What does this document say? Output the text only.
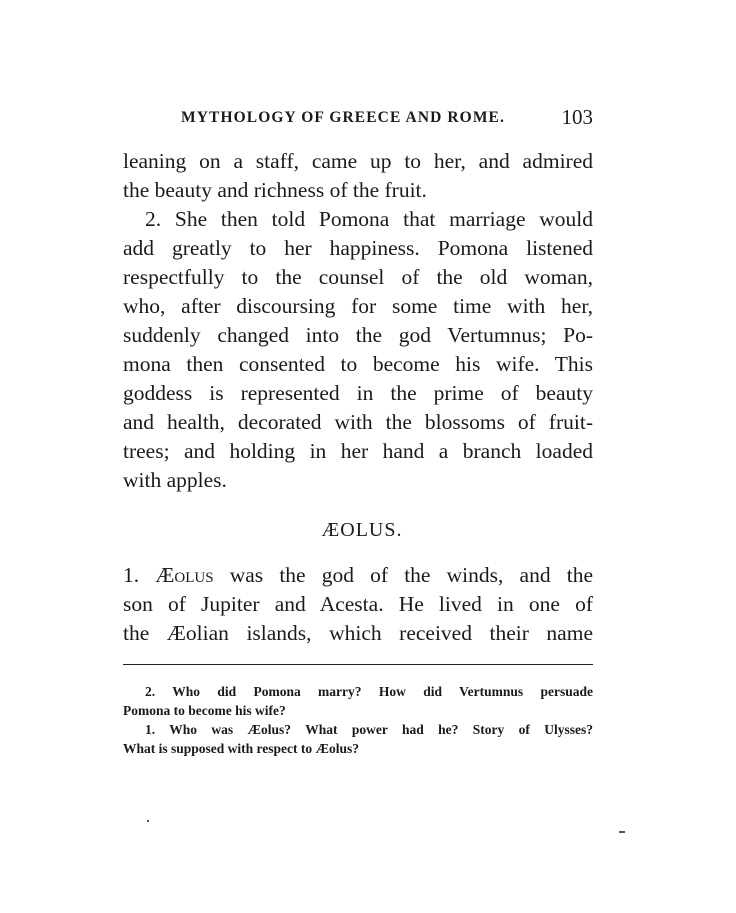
MYTHOLOGY OF GREECE AND ROME.	103
leaning on a staff, came up to her, and admired
the beauty and richness of the fruit.
2. She then told Pomona that marriage would
add greatly to her happiness. Pomona listened
respectfully to the counsel of the old woman,
who, after discoursing for some time with her,
suddenly changed into the god Vertumnus; Po-
mona then consented to become his wife. This
goddess is represented in the prime of beauty
and health, decorated with the blossoms of fruit-
trees; and holding in her hand a branch loaded
with apples.
ÆOLUS.
1. Æolus was the god of the winds, and the
son of Jupiter and Acesta. He lived in one of
the Æolian islands, which received their name
2. Who did Pomona marry? How did Vertumnus persuade
Pomona to become his wife?
1. Who was Æolus? What power had he? Story of Ulysses?
What is supposed with respect to Æolus?
